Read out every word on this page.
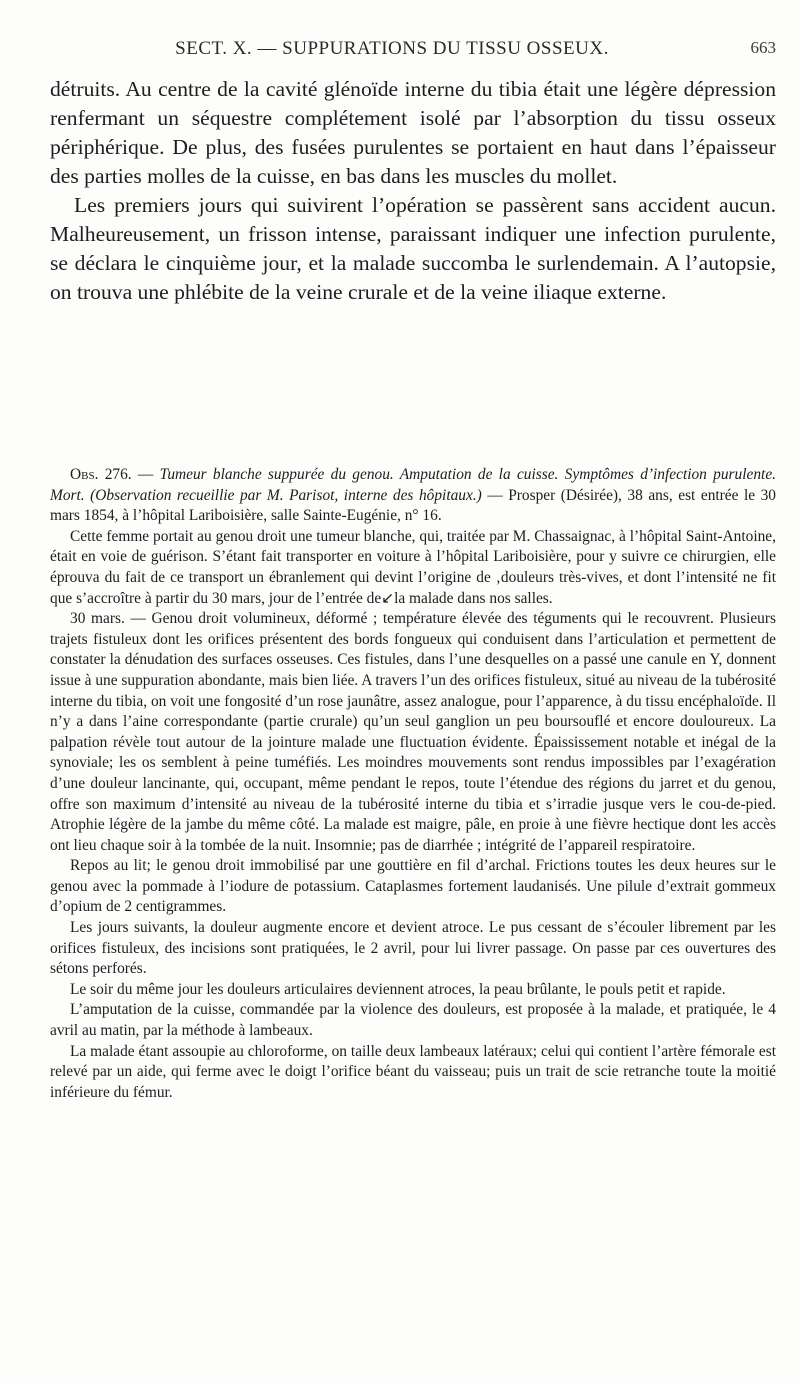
SECT. X. — SUPPURATIONS DU TISSU OSSEUX.	663

détruits. Au centre de la cavité glénoïde interne du tibia était une légère dépression renfermant un séquestre complétement isolé par l’absorption du tissu osseux périphérique. De plus, des fusées purulentes se portaient en haut dans l’épaisseur des parties molles de la cuisse, en bas dans les muscles du mollet.

Les premiers jours qui suivirent l’opération se passèrent sans accident aucun. Malheureusement, un frisson intense, paraissant indiquer une infection purulente, se déclara le cinquième jour, et la malade succomba le surlendemain. A l’autopsie, on trouva une phlébite de la veine crurale et de la veine iliaque externe.

Obs. 276. — Tumeur blanche suppurée du genou. Amputation de la cuisse. Symptômes d’infection purulente. Mort. (Observation recueillie par M. Parisot, interne des hôpitaux.) — Prosper (Désirée), 38 ans, est entrée le 30 mars 1854, à l’hôpital Lariboisière, salle Sainte-Eugénie, n° 16.

Cette femme portait au genou droit une tumeur blanche, qui, traitée par M. Chassaignac, à l’hôpital Saint-Antoine, était en voie de guérison. S’étant fait transporter en voiture à l’hôpital Lariboisière, pour y suivre ce chirurgien, elle éprouva du fait de ce transport un ébranlement qui devint l’origine de ‚douleurs très-vives, et dont l’intensité ne fit que s’accroître à partir du 30 mars, jour de l’entrée de↙la malade dans nos salles.

30 mars. — Genou droit volumineux, déformé ; température élevée des téguments qui le recouvrent. Plusieurs trajets fistuleux dont les orifices présentent des bords fongueux qui conduisent dans l’articulation et permettent de constater la dénudation des surfaces osseuses. Ces fistules, dans l’une desquelles on a passé une canule en Y, donnent issue à une suppuration abondante, mais bien liée. A travers l’un des orifices fistuleux, situé au niveau de la tubérosité interne du tibia, on voit une fongosité d’un rose jaunâtre, assez analogue, pour l’apparence, à du tissu encéphaloïde. Il n’y a dans l’aine correspondante (partie crurale) qu’un seul ganglion un peu boursouflé et encore douloureux. La palpation révèle tout autour de la jointure malade une fluctuation évidente. Épaississement notable et inégal de la synoviale; les os semblent à peine tuméfiés. Les moindres mouvements sont rendus impossibles par l’exagération d’une douleur lancinante, qui, occupant, même pendant le repos, toute l’étendue des régions du jarret et du genou, offre son maximum d’intensité au niveau de la tubérosité interne du tibia et s’irradie jusque vers le cou-de-pied. Atrophie légère de la jambe du même côté. La malade est maigre, pâle, en proie à une fièvre hectique dont les accès ont lieu chaque soir à la tombée de la nuit. Insomnie; pas de diarrhée ; intégrité de l’appareil respiratoire.

Repos au lit; le genou droit immobilisé par une gouttière en fil d’archal. Frictions toutes les deux heures sur le genou avec la pommade à l’iodure de potassium. Cataplasmes fortement laudanisés. Une pilule d’extrait gommeux d’opium de 2 centigrammes.

Les jours suivants, la douleur augmente encore et devient atroce. Le pus cessant de s’écouler librement par les orifices fistuleux, des incisions sont pratiquées, le 2 avril, pour lui livrer passage. On passe par ces ouvertures des sétons perforés.

Le soir du même jour les douleurs articulaires deviennent atroces, la peau brûlante, le pouls petit et rapide.

L’amputation de la cuisse, commandée par la violence des douleurs, est proposée à la malade, et pratiquée, le 4 avril au matin, par la méthode à lambeaux.

La malade étant assoupie au chloroforme, on taille deux lambeaux latéraux; celui qui contient l’artère fémorale est relevé par un aide, qui ferme avec le doigt l’orifice béant du vaisseau; puis un trait de scie retranche toute la moitié inférieure du fémur.
